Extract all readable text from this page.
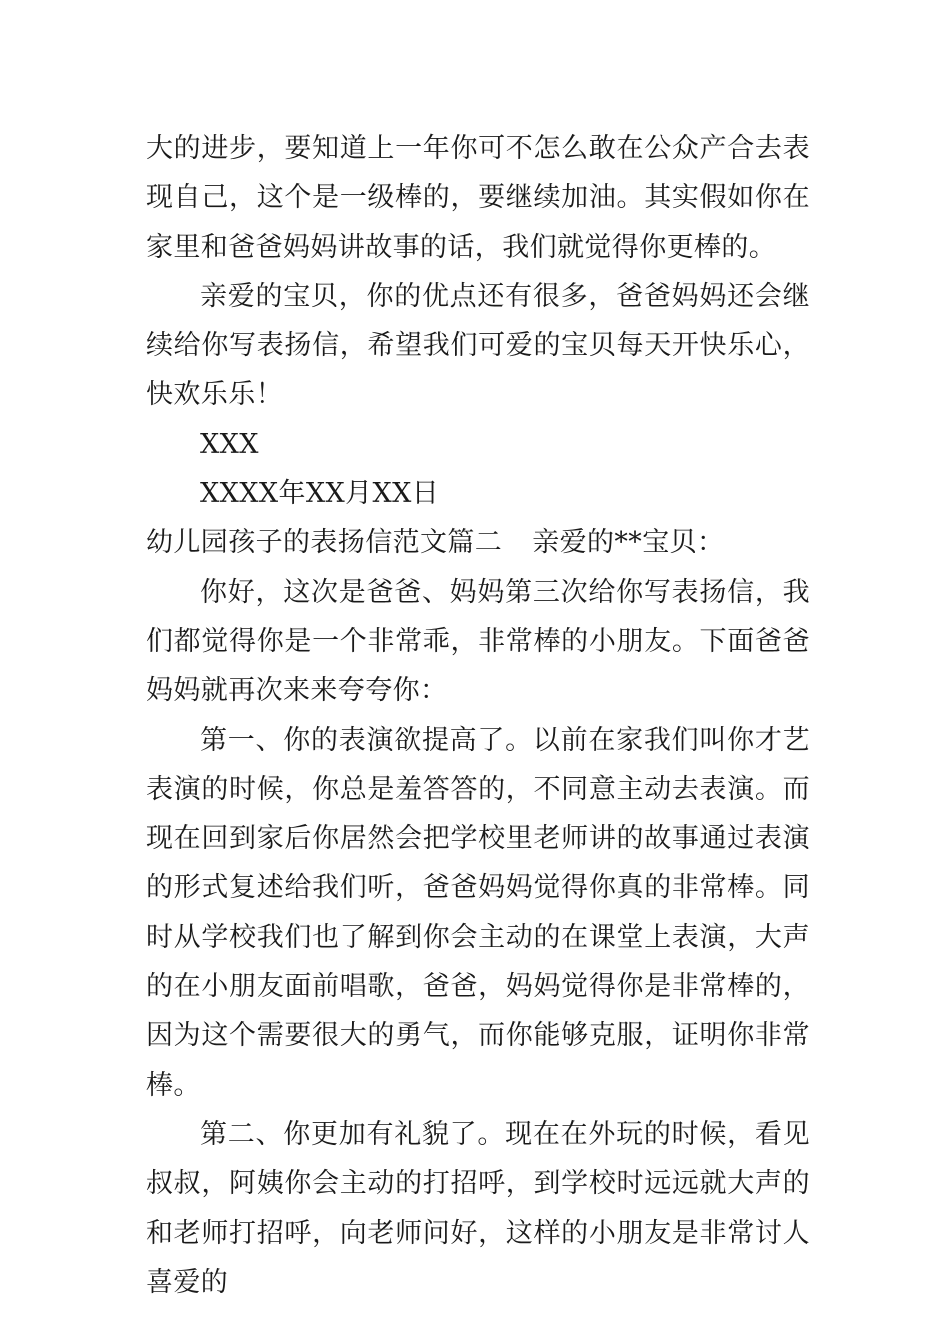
大的进步，要知道上一年你可不怎么敢在公众产合去表现自己，这个是一级棒的，要继续加油。其实假如你在家里和爸爸妈妈讲故事的话，我们就觉得你更棒的。

亲爱的宝贝，你的优点还有很多，爸爸妈妈还会继续给你写表扬信，希望我们可爱的宝贝每天开快乐心，快欢乐乐！

XXX

XXXX年XX月XX日

幼儿园孩子的表扬信范文篇二 亲爱的**宝贝：

你好，这次是爸爸、妈妈第三次给你写表扬信，我们都觉得你是一个非常乖，非常棒的小朋友。下面爸爸妈妈就再次来来夸夸你：

第一、你的表演欲提高了。以前在家我们叫你才艺表演的时候，你总是羞答答的，不同意主动去表演。而现在回到家后你居然会把学校里老师讲的故事通过表演的形式复述给我们听，爸爸妈妈觉得你真的非常棒。同时从学校我们也了解到你会主动的在课堂上表演，大声的在小朋友面前唱歌，爸爸，妈妈觉得你是非常棒的，因为这个需要很大的勇气，而你能够克服，证明你非常棒。

第二、你更加有礼貌了。现在在外玩的时候，看见叔叔，阿姨你会主动的打招呼，到学校时远远就大声的和老师打招呼，向老师问好，这样的小朋友是非常讨人喜爱的
